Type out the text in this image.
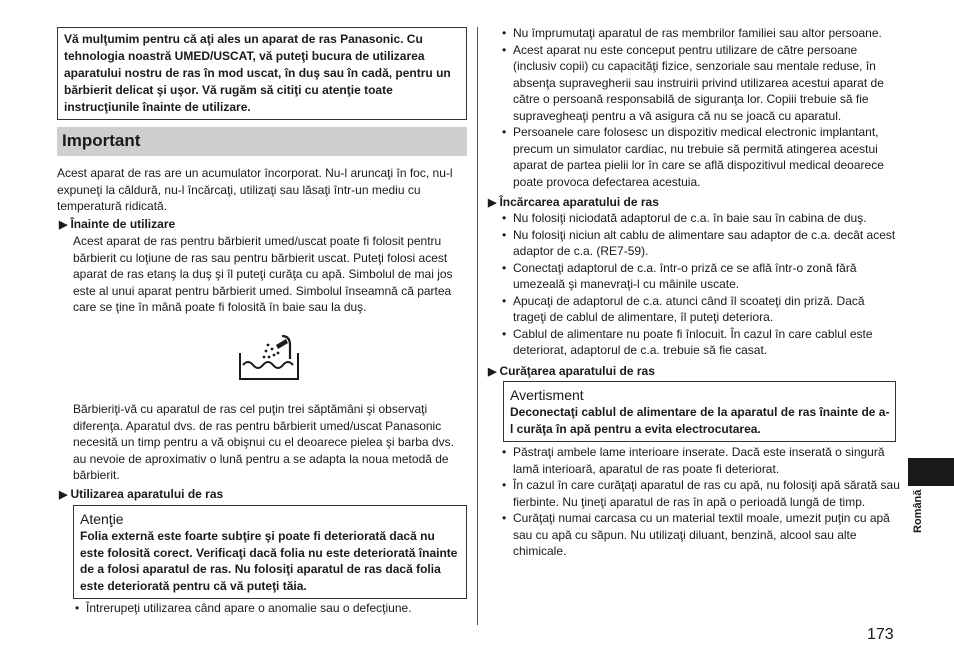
Vă mulţumim pentru că aţi ales un aparat de ras Panasonic. Cu tehnologia noastră UMED/USCAT, vă puteţi bucura de utilizarea aparatului nostru de ras în mod uscat, în duş sau în cadă, pentru un bărbierit delicat şi uşor. Vă rugăm să citiţi cu atenţie toate instrucţiunile înainte de utilizare.
Important
Acest aparat de ras are un acumulator încorporat. Nu-l aruncaţi în foc, nu-l expuneţi la căldură, nu-l încărcaţi, utilizaţi sau lăsaţi într-un mediu cu temperatură ridicată.
▶ Înainte de utilizare
Acest aparat de ras pentru bărbierit umed/uscat poate fi folosit pentru bărbierit cu loţiune de ras sau pentru bărbierit uscat. Puteţi folosi acest aparat de ras etanş la duş şi îl puteţi curăţa cu apă. Simbolul de mai jos este al unui aparat pentru bărbierit umed. Simbolul înseamnă că partea care se ţine în mână poate fi folosită în baie sau la duş.
Bărbieriţi-vă cu aparatul de ras cel puţin trei săptămâni şi observaţi diferenţa. Aparatul dvs. de ras pentru bărbierit umed/uscat Panasonic necesită un timp pentru a vă obişnui cu el deoarece pielea şi barba dvs. au nevoie de aproximativ o lună pentru a se adapta la noua metodă de bărbierit.
▶ Utilizarea aparatului de ras
Atenţie
Folia externă este foarte subţire şi poate fi deteriorată dacă nu este folosită corect. Verificaţi dacă folia nu este deteriorată înainte de a folosi aparatul de ras. Nu folosiţi aparatul de ras dacă folia este deteriorată pentru că vă puteţi tăia.
• Întrerupeţi utilizarea când apare o anomalie sau o defecţiune.
• Nu împrumutaţi aparatul de ras membrilor familiei sau altor persoane.
• Acest aparat nu este conceput pentru utilizare de către persoane (inclusiv copii) cu capacităţi fizice, senzoriale sau mentale reduse, în absenţa supravegherii sau instruirii privind utilizarea acestui aparat de către o persoană responsabilă de siguranţa lor. Copiii trebuie să fie supravegheaţi pentru a vă asigura că nu se joacă cu aparatul.
• Persoanele care folosesc un dispozitiv medical electronic implantant, precum un simulator cardiac, nu trebuie să permită atingerea acestui aparat de partea pielii lor în care se află dispozitivul medical deoarece poate provoca defectarea acestuia.
▶ Încărcarea aparatului de ras
• Nu folosiţi niciodată adaptorul de c.a. în baie sau în cabina de duş.
• Nu folosiţi niciun alt cablu de alimentare sau adaptor de c.a. decât acest adaptor de c.a. (RE7-59).
• Conectaţi adaptorul de c.a. într-o priză ce se află într-o zonă fără umezeală şi manevraţi-l cu mâinile uscate.
• Apucaţi de adaptorul de c.a. atunci când îl scoateţi din priză. Dacă trageţi de cablul de alimentare, îl puteţi deteriora.
• Cablul de alimentare nu poate fi înlocuit. În cazul în care cablul este deteriorat, adaptorul de c.a. trebuie să fie casat.
▶ Curăţarea aparatului de ras
Avertisment
Deconectaţi cablul de alimentare de la aparatul de ras înainte de a-l curăţa în apă pentru a evita electrocutarea.
• Păstraţi ambele lame interioare inserate. Dacă este inserată o singură lamă interioară, aparatul de ras poate fi deteriorat.
• În cazul în care curăţaţi aparatul de ras cu apă, nu folosiţi apă sărată sau fierbinte. Nu ţineţi aparatul de ras în apă o perioadă lungă de timp.
• Curăţaţi numai carcasa cu un material textil moale, umezit puţin cu apă sau cu apă cu săpun. Nu utilizaţi diluant, benzină, alcool sau alte chimicale.
Română
173
